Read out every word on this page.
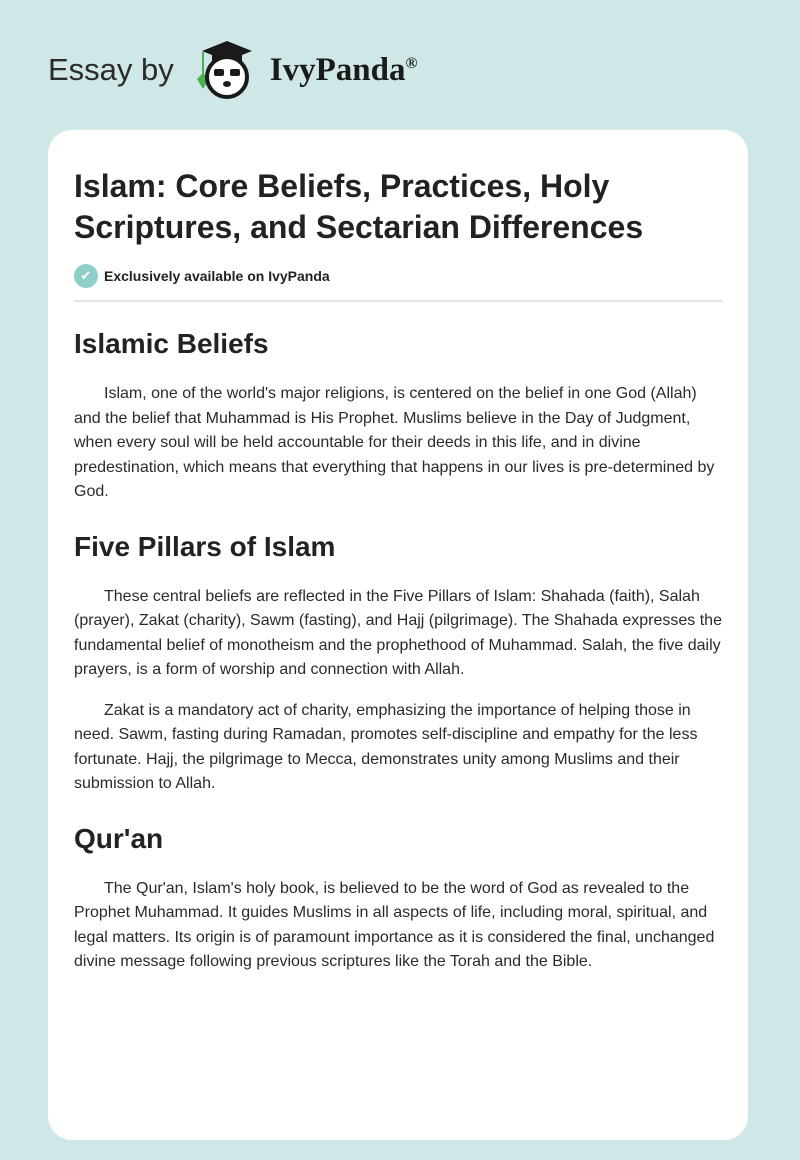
Essay by	IvyPanda®
Islam: Core Beliefs, Practices, Holy Scriptures, and Sectarian Differences
✔ Exclusively available on IvyPanda
Islamic Beliefs

Islam, one of the world's major religions, is centered on the belief in one God (Allah) and the belief that Muhammad is His Prophet. Muslims believe in the Day of Judgment, when every soul will be held accountable for their deeds in this life, and in divine predestination, which means that everything that happens in our lives is pre-determined by God.

Five Pillars of Islam

These central beliefs are reflected in the Five Pillars of Islam: Shahada (faith), Salah (prayer), Zakat (charity), Sawm (fasting), and Hajj (pilgrimage). The Shahada expresses the fundamental belief of monotheism and the prophethood of Muhammad. Salah, the five daily prayers, is a form of worship and connection with Allah.

Zakat is a mandatory act of charity, emphasizing the importance of helping those in need. Sawm, fasting during Ramadan, promotes self-discipline and empathy for the less fortunate. Hajj, the pilgrimage to Mecca, demonstrates unity among Muslims and their submission to Allah.

Qur'an

The Qur'an, Islam's holy book, is believed to be the word of God as revealed to the Prophet Muhammad. It guides Muslims in all aspects of life, including moral, spiritual, and legal matters. Its origin is of paramount importance as it is considered the final, unchanged divine message following previous scriptures like the Torah and the Bible.
